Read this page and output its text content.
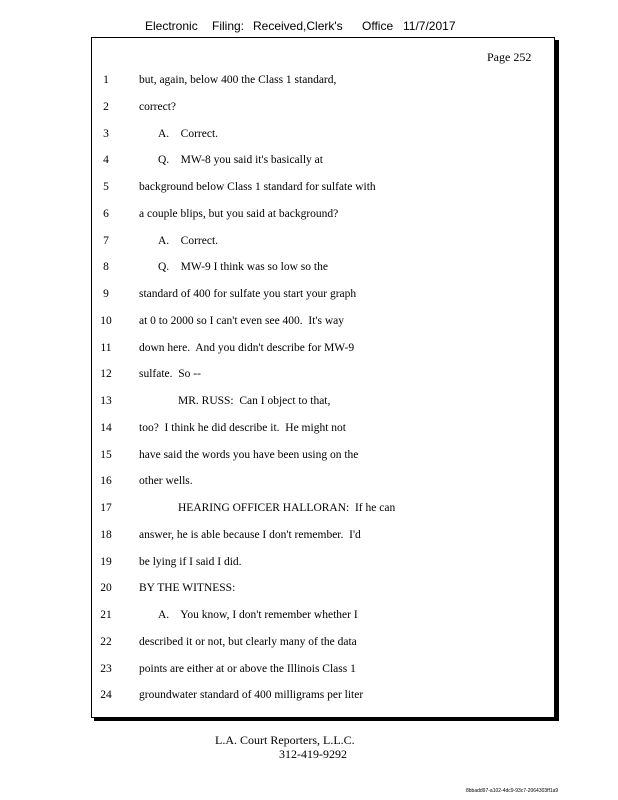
Electronic Filing: Received,Clerk's Office 11/7/2017
Page 252
1	but, again, below 400 the Class 1 standard,
2	correct?
3	A.    Correct.
4	Q.    MW-8 you said it's basically at
5	background below Class 1 standard for sulfate with
6	a couple blips, but you said at background?
7	A.    Correct.
8	Q.    MW-9 I think was so low so the
9	standard of 400 for sulfate you start your graph
10	at 0 to 2000 so I can't even see 400.  It's way
11	down here.  And you didn't describe for MW-9
12	sulfate.  So --
13	MR. RUSS:  Can I object to that,
14	too?  I think he did describe it.  He might not
15	have said the words you have been using on the
16	other wells.
17	HEARING OFFICER HALLORAN:  If he can
18	answer, he is able because I don't remember.  I'd
19	be lying if I said I did.
20	BY THE WITNESS:
21	A.    You know, I don't remember whether I
22	described it or not, but clearly many of the data
23	points are either at or above the Illinois Class 1
24	groundwater standard of 400 milligrams per liter
L.A. Court Reporters, L.L.C.
312-419-9292
8bbadd97-a102-4dc9-93c7-2064303ff1a9
